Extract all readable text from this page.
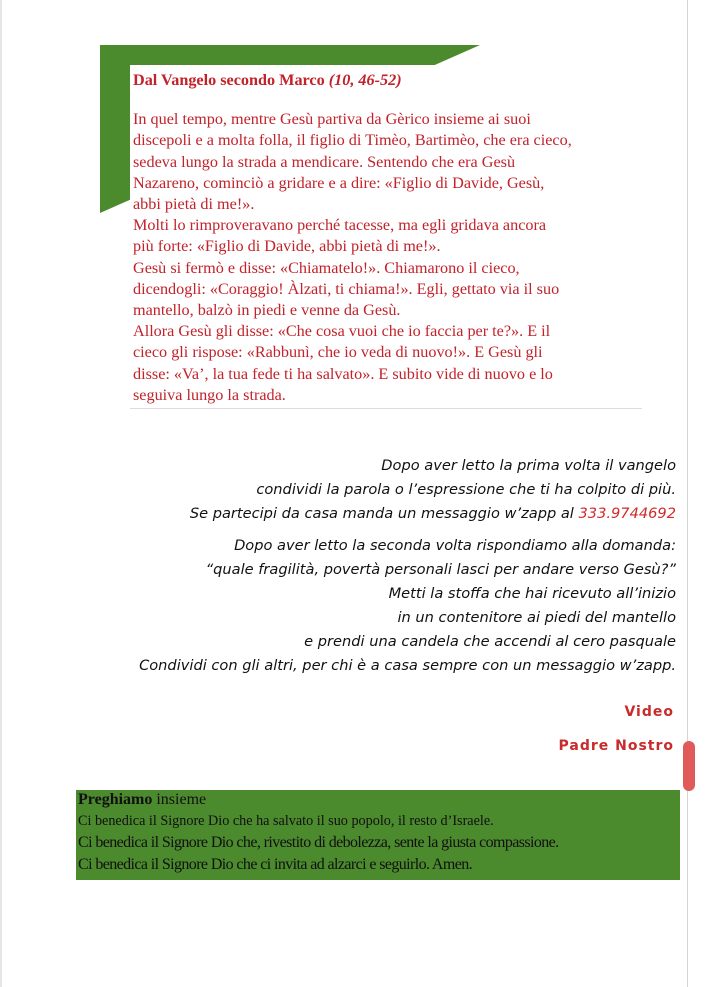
Dal Vangelo secondo Marco (10, 46-52)
In quel tempo, mentre Gesù partiva da Gèrico insieme ai suoi
discepoli e a molta folla, il figlio di Timèo, Bartimèo, che era cieco,
sedeva lungo la strada a mendicare. Sentendo che era Gesù
Nazareno, cominciò a gridare e a dire: «Figlio di Davide, Gesù,
abbi pietà di me!».
Molti lo rimproveravano perché tacesse, ma egli gridava ancora
più forte: «Figlio di Davide, abbi pietà di me!».
Gesù si fermò e disse: «Chiamatelo!». Chiamarono il cieco,
dicendogli: «Coraggio! Àlzati, ti chiama!». Egli, gettato via il suo
mantello, balzò in piedi e venne da Gesù.
Allora Gesù gli disse: «Che cosa vuoi che io faccia per te?». E il
cieco gli rispose: «Rabbunì, che io veda di nuovo!». E Gesù gli
disse: «Va’, la tua fede ti ha salvato». E subito vide di nuovo e lo
seguiva lungo la strada.
Dopo aver letto la prima volta il vangelo
condividi la parola o l’espressione che ti ha colpito di più.
Se partecipi da casa manda un messaggio w’zapp al 333.9744692
Dopo aver letto la seconda volta rispondiamo alla domanda:
“quale fragilità, povertà personali lasci per andare verso Gesù?”
Metti la stoffa che hai ricevuto all’inizio
in un contenitore ai piedi del mantello
e prendi una candela che accendi al cero pasquale
Condividi con gli altri, per chi è a casa sempre con un messaggio w’zapp.
Video
Padre Nostro
Preghiamo insieme
Ci benedica il Signore Dio che ha salvato il suo popolo, il resto d’Israele.
Ci benedica il Signore Dio che, rivestito di debolezza, sente la giusta compassione.
Ci benedica il Signore Dio che ci invita ad alzarci e seguirlo. Amen.
